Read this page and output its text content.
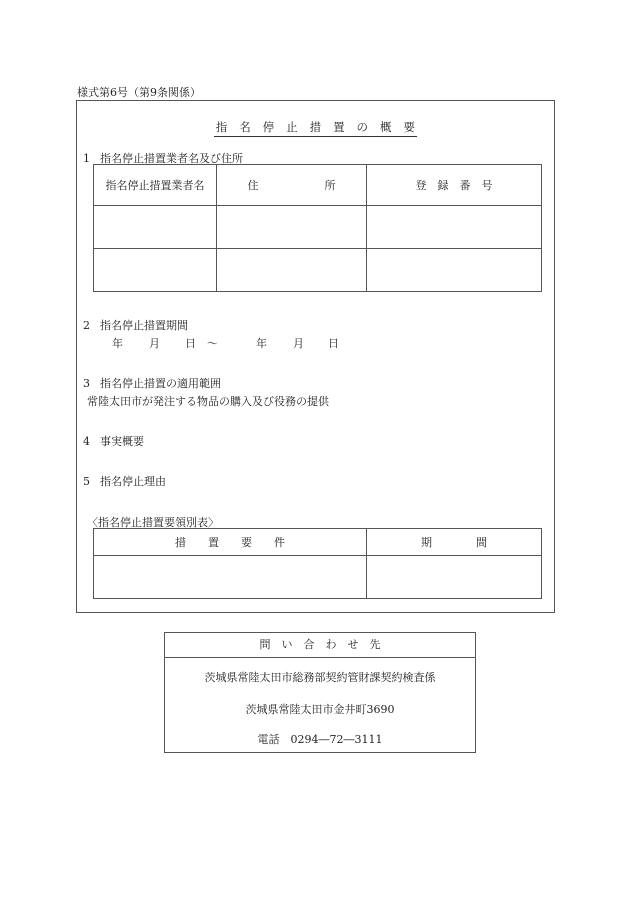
様式第6号（第9条関係）
指　名　停　止　措　置　の　概　要
1 指名停止措置業者名及び住所
指名停止措置業者名	住　　　　　　所	登　録　番　号

2 指名停止措置期間
年 月 日 ～	年 月 日
3 指名停止措置の適用範囲
常陸太田市が発注する物品の購入及び役務の提供
4 事実概要
5 指名停止理由
〈指名停止措置要領別表〉
措　　置　　要　　件	期　　　　間

問　い　合　わ　せ　先
茨城県常陸太田市総務部契約管財課契約検査係
茨城県常陸太田市金井町3690
電話　0294―72―3111
